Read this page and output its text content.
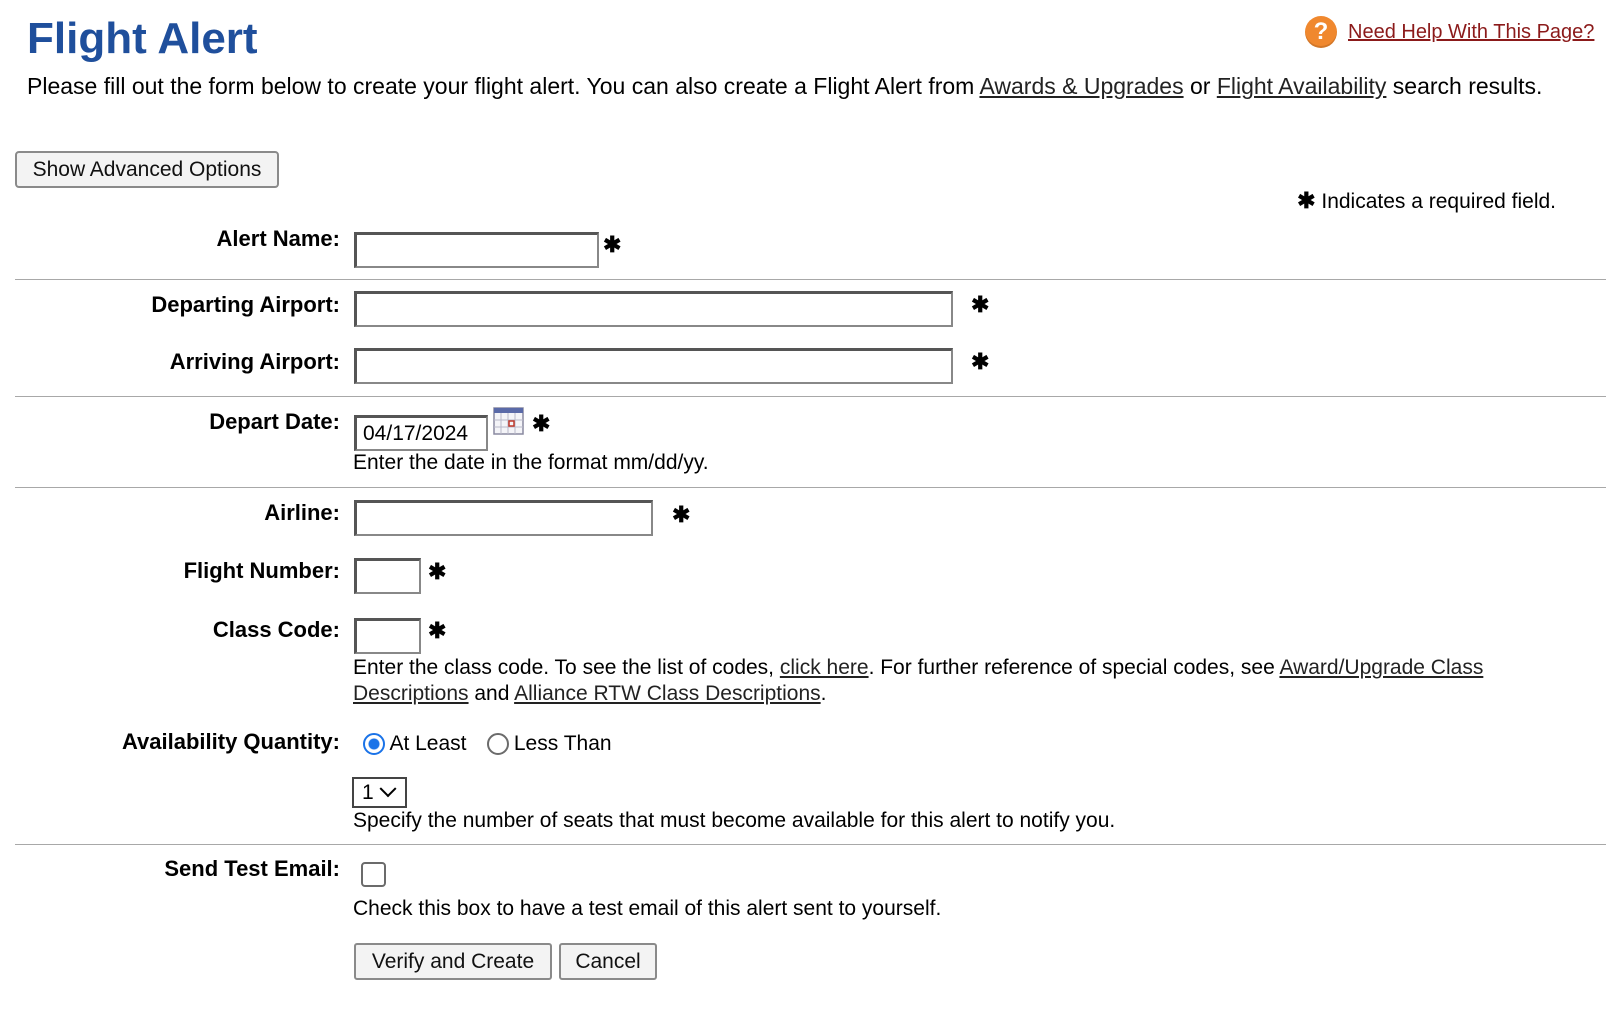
Flight Alert	? Need Help With This Page?
Please fill out the form below to create your flight alert. You can also create a Flight Alert from Awards & Upgrades or Flight Availability search results.
Show Advanced Options
✱ Indicates a required field.
Alert Name:	✱
Departing Airport:	✱
Arriving Airport:	✱
Depart Date:
04/17/2024	✱
Enter the date in the format mm/dd/yy.
Airline:	✱
Flight Number:	✱
Class Code:	✱
Enter the class code. To see the list of codes, click here. For further reference of special codes, see Award/Upgrade Class Descriptions and Alliance RTW Class Descriptions.
Availability Quantity:	At Least Less Than
1
Specify the number of seats that must become available for this alert to notify you.
Send Test Email:
Check this box to have a test email of this alert sent to yourself.
Verify and Create	Cancel
